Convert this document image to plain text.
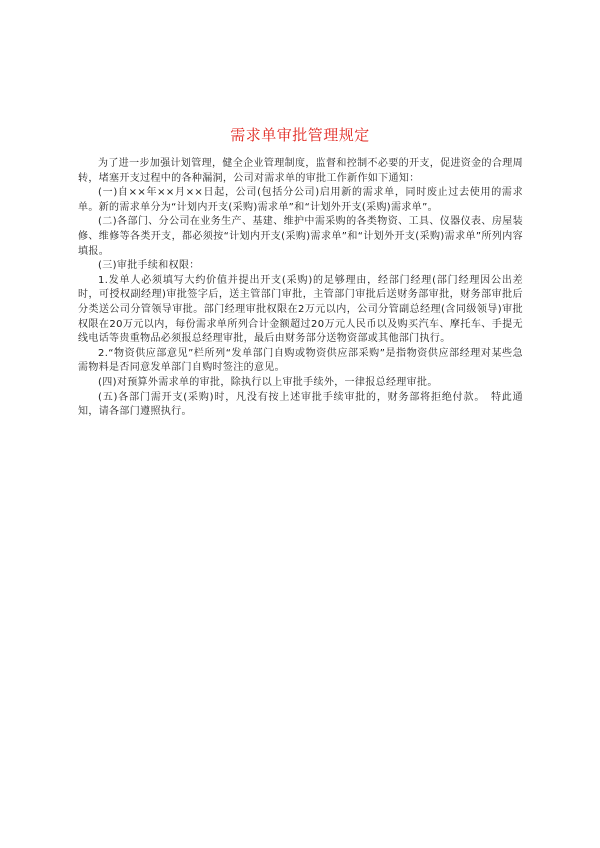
需求单审批管理规定

为了进一步加强计划管理，健全企业管理制度，监督和控制不必要的开支，促进资金的合理周转，堵塞开支过程中的各种漏洞，公司对需求单的审批工作新作如下通知：

(一)自××年××月××日起，公司(包括分公司)启用新的需求单，同时废止过去使用的需求单。新的需求单分为“计划内开支(采购)需求单”和“计划外开支(采购)需求单”。

(二)各部门、分公司在业务生产、基建、维护中需采购的各类物资、工具、仪器仪表、房屋装修、维修等各类开支，都必须按“计划内开支(采购)需求单”和“计划外开支(采购)需求单”所列内容填报。

(三)审批手续和权限：

1.发单人必须填写大约价值并提出开支(采购)的足够理由，经部门经理(部门经理因公出差时，可授权副经理)审批签字后，送主管部门审批，主管部门审批后送财务部审批，财务部审批后分类送公司分管领导审批。部门经理审批权限在2万元以内，公司分管副总经理(含同级领导)审批权限在20万元以内，每份需求单所列合计金额超过20万元人民币以及购买汽车、摩托车、手提无线电话等贵重物品必须报总经理审批，最后由财务部分送物资部或其他部门执行。

2.“物资供应部意见”栏所列“发单部门自购或物资供应部采购”是指物资供应部经理对某些急需物料是否同意发单部门自购时签注的意见。

(四)对预算外需求单的审批，除执行以上审批手续外，一律报总经理审批。

(五)各部门需开支(采购)时，凡没有按上述审批手续审批的，财务部将拒绝付款。　特此通知，请各部门遵照执行。
